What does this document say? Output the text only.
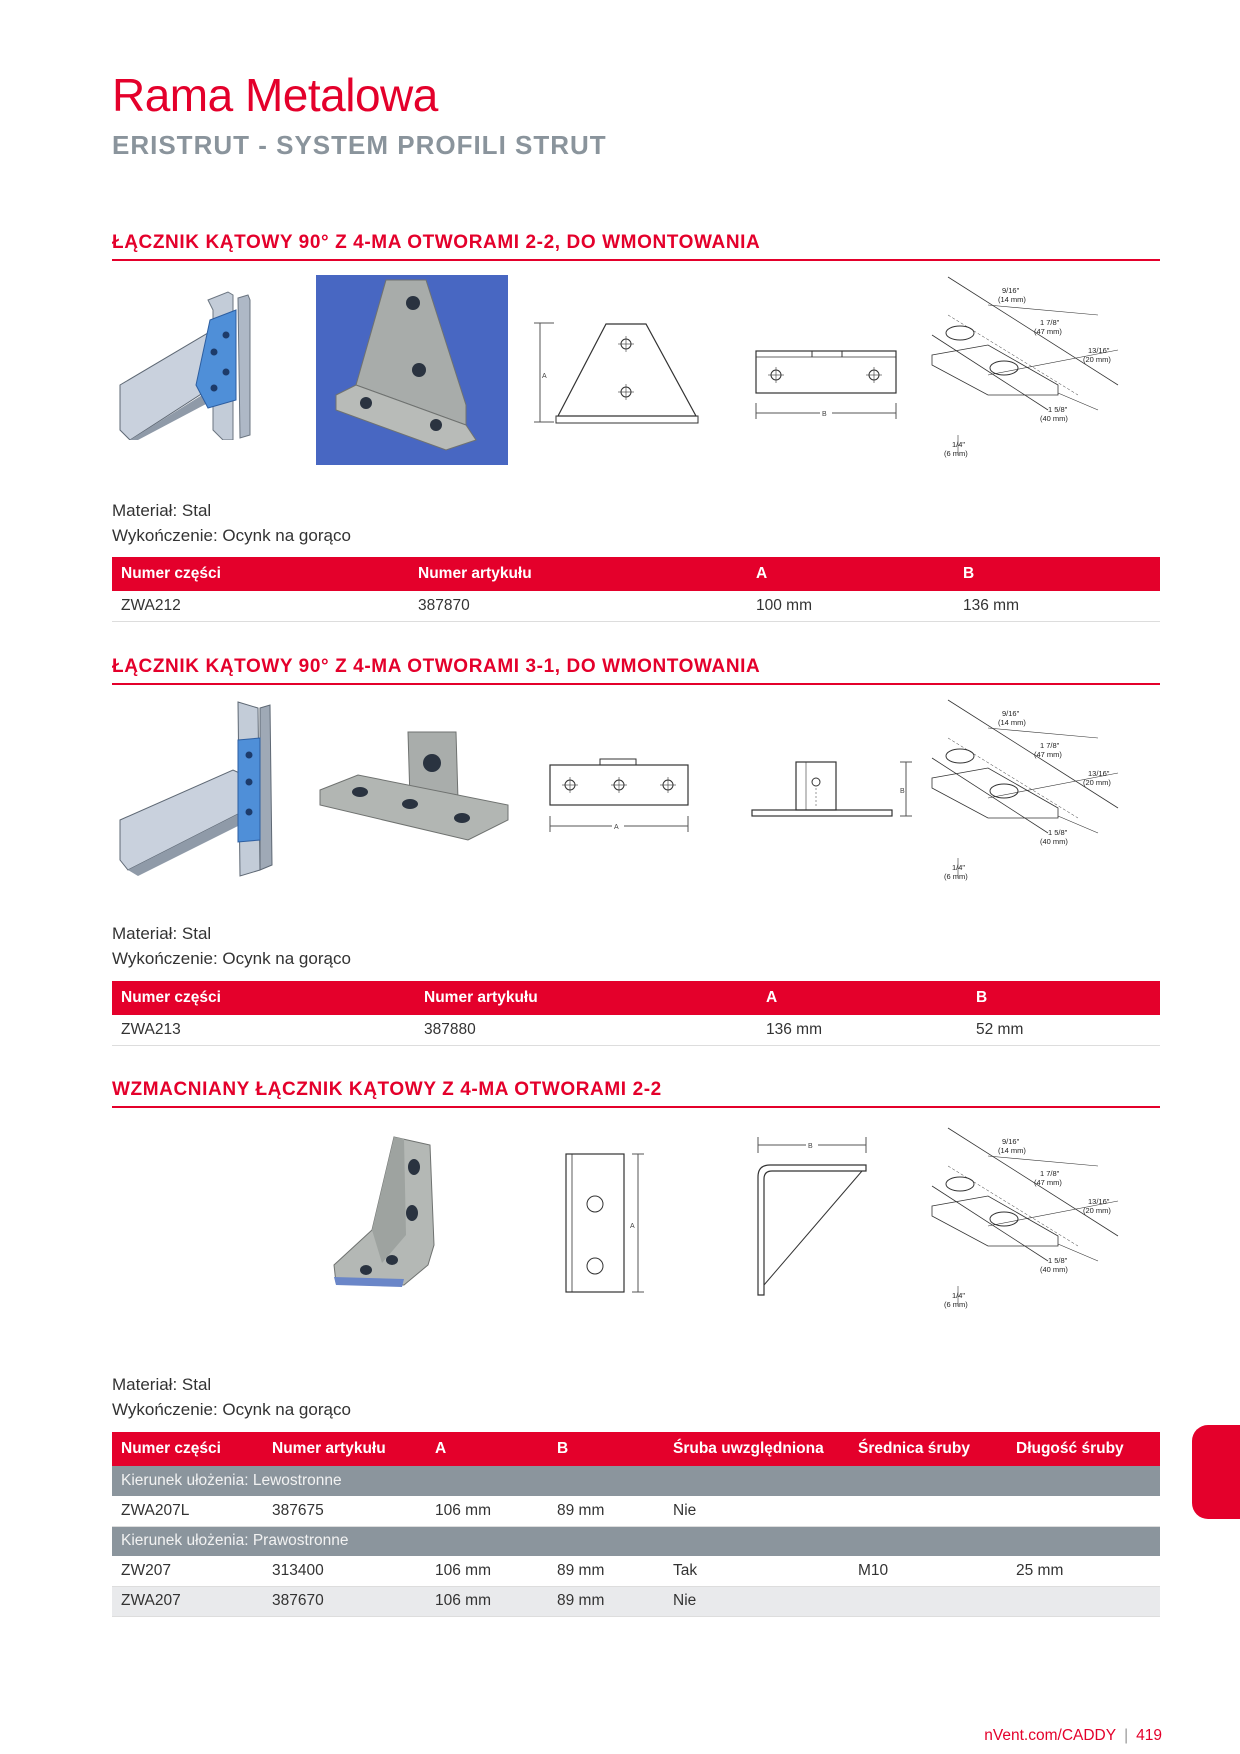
Rama Metalowa
ERISTRUT - SYSTEM PROFILI STRUT
ŁĄCZNIK KĄTOWY 90° Z 4-MA OTWORAMI 2-2, DO WMONTOWANIA
A
B
9/16"
(14 mm)
1 7/8"
(47 mm)
13/16"
(20 mm)
1 5/8"
(40 mm)
1/4"
(6 mm)
Materiał: Stal
Wykończenie: Ocynk na gorąco
Numer części	Numer artykułu	A	B
ZWA212	387870	100 mm	136 mm
ŁĄCZNIK KĄTOWY 90° Z 4-MA OTWORAMI 3-1, DO WMONTOWANIA
A
B
9/16"
(14 mm)
1 7/8"
(47 mm)
13/16"
(20 mm)
1 5/8"
(40 mm)
1/4"
(6 mm)
Materiał: Stal
Wykończenie: Ocynk na gorąco
Numer części	Numer artykułu	A	B
ZWA213	387880	136 mm	52 mm
WZMACNIANY ŁĄCZNIK KĄTOWY Z 4-MA OTWORAMI 2-2
A
B
9/16"
(14 mm)
1 7/8"
(47 mm)
13/16"
(20 mm)
1 5/8"
(40 mm)
1/4"
(6 mm)
Materiał: Stal
Wykończenie: Ocynk na gorąco
Numer części	Numer artykułu	A	B	Śruba uwzględniona	Średnica śruby	Długość śruby
Kierunek ułożenia: Lewostronne						
ZWA207L	387675	106 mm	89 mm	Nie		
Kierunek ułożenia: Prawostronne						
ZW207	313400	106 mm	89 mm	Tak	M10	25 mm
ZWA207	387670	106 mm	89 mm	Nie		
nVent.com/CADDY | 419
